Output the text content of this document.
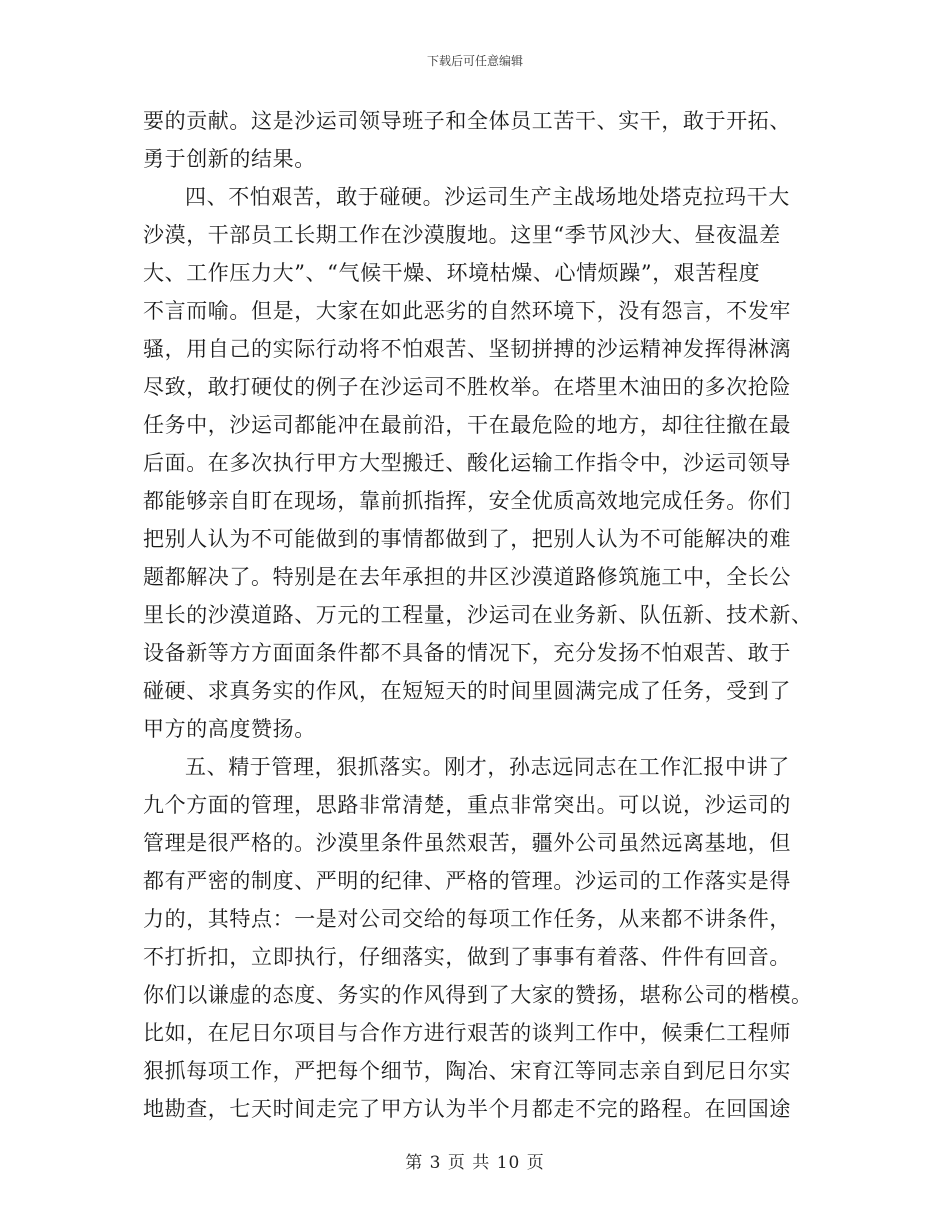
下载后可任意编辑
要的贡献。这是沙运司领导班子和全体员工苦干、实干，敢于开拓、
勇于创新的结果。
四、不怕艰苦，敢于碰硬。沙运司生产主战场地处塔克拉玛干大
沙漠，干部员工长期工作在沙漠腹地。这里“季节风沙大、昼夜温差
大、工作压力大”、“气候干燥、环境枯燥、心情烦躁”，艰苦程度
不言而喻。但是，大家在如此恶劣的自然环境下，没有怨言，不发牢
骚，用自己的实际行动将不怕艰苦、坚韧拼搏的沙运精神发挥得淋漓
尽致，敢打硬仗的例子在沙运司不胜枚举。在塔里木油田的多次抢险
任务中，沙运司都能冲在最前沿，干在最危险的地方，却往往撤在最
后面。在多次执行甲方大型搬迁、酸化运输工作指令中，沙运司领导
都能够亲自盯在现场，靠前抓指挥，安全优质高效地完成任务。你们
把别人认为不可能做到的事情都做到了，把别人认为不可能解决的难
题都解决了。特别是在去年承担的井区沙漠道路修筑施工中，全长公
里长的沙漠道路、万元的工程量，沙运司在业务新、队伍新、技术新、
设备新等方方面面条件都不具备的情况下，充分发扬不怕艰苦、敢于
碰硬、求真务实的作风，在短短天的时间里圆满完成了任务，受到了
甲方的高度赞扬。
五、精于管理，狠抓落实。刚才，孙志远同志在工作汇报中讲了
九个方面的管理，思路非常清楚，重点非常突出。可以说，沙运司的
管理是很严格的。沙漠里条件虽然艰苦，疆外公司虽然远离基地，但
都有严密的制度、严明的纪律、严格的管理。沙运司的工作落实是得
力的，其特点：一是对公司交给的每项工作任务，从来都不讲条件，
不打折扣，立即执行，仔细落实，做到了事事有着落、件件有回音。
你们以谦虚的态度、务实的作风得到了大家的赞扬，堪称公司的楷模。
比如，在尼日尔项目与合作方进行艰苦的谈判工作中，候秉仁工程师
狠抓每项工作，严把每个细节，陶冶、宋育江等同志亲自到尼日尔实
地勘查，七天时间走完了甲方认为半个月都走不完的路程。在回国途
第 3 页 共 10 页
